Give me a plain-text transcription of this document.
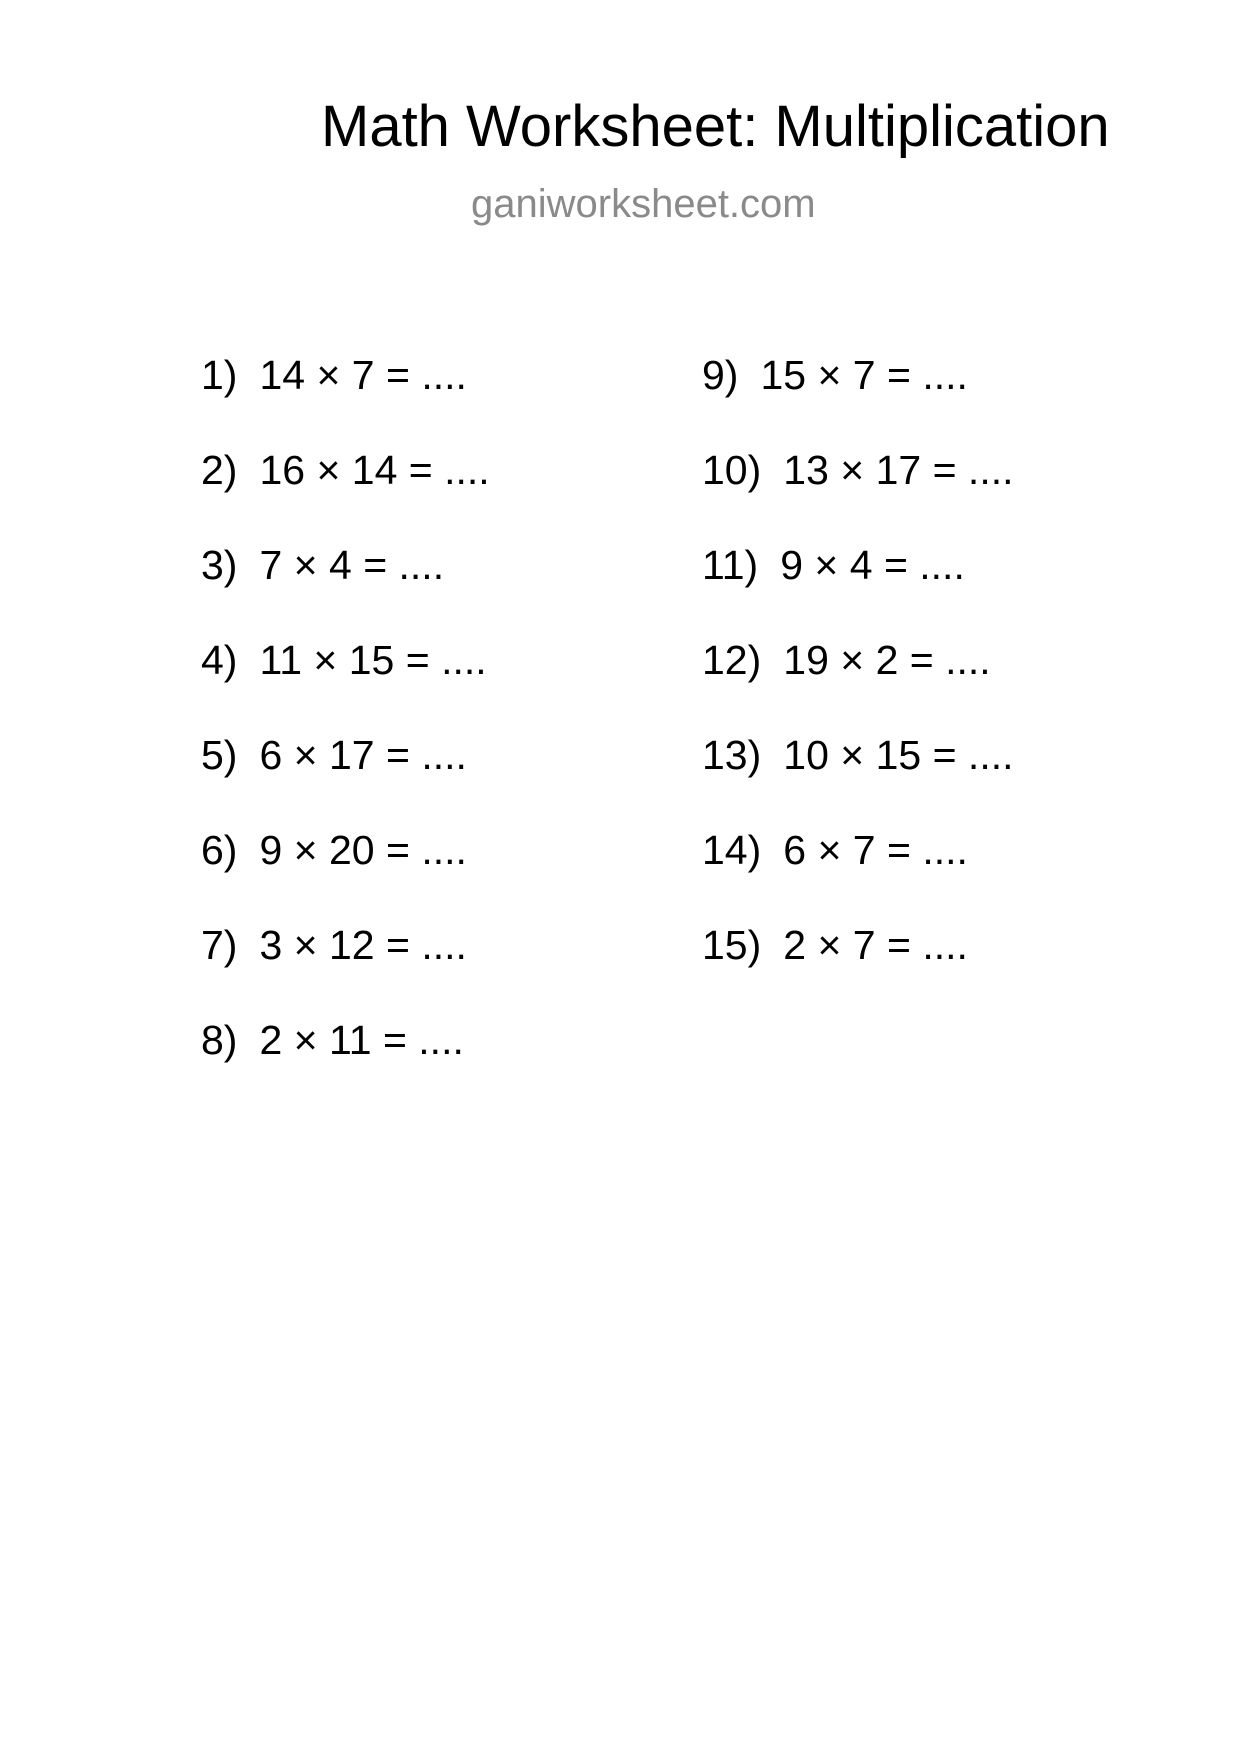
Math Worksheet: Multiplication
ganiworksheet.com
1) 14 × 7 = ....
2) 16 × 14 = ....
3) 7 × 4 = ....
4) 11 × 15 = ....
5) 6 × 17 = ....
6) 9 × 20 = ....
7) 3 × 12 = ....
8) 2 × 11 = ....
9) 15 × 7 = ....
10) 13 × 17 = ....
11) 9 × 4 = ....
12) 19 × 2 = ....
13) 10 × 15 = ....
14) 6 × 7 = ....
15) 2 × 7 = ....
